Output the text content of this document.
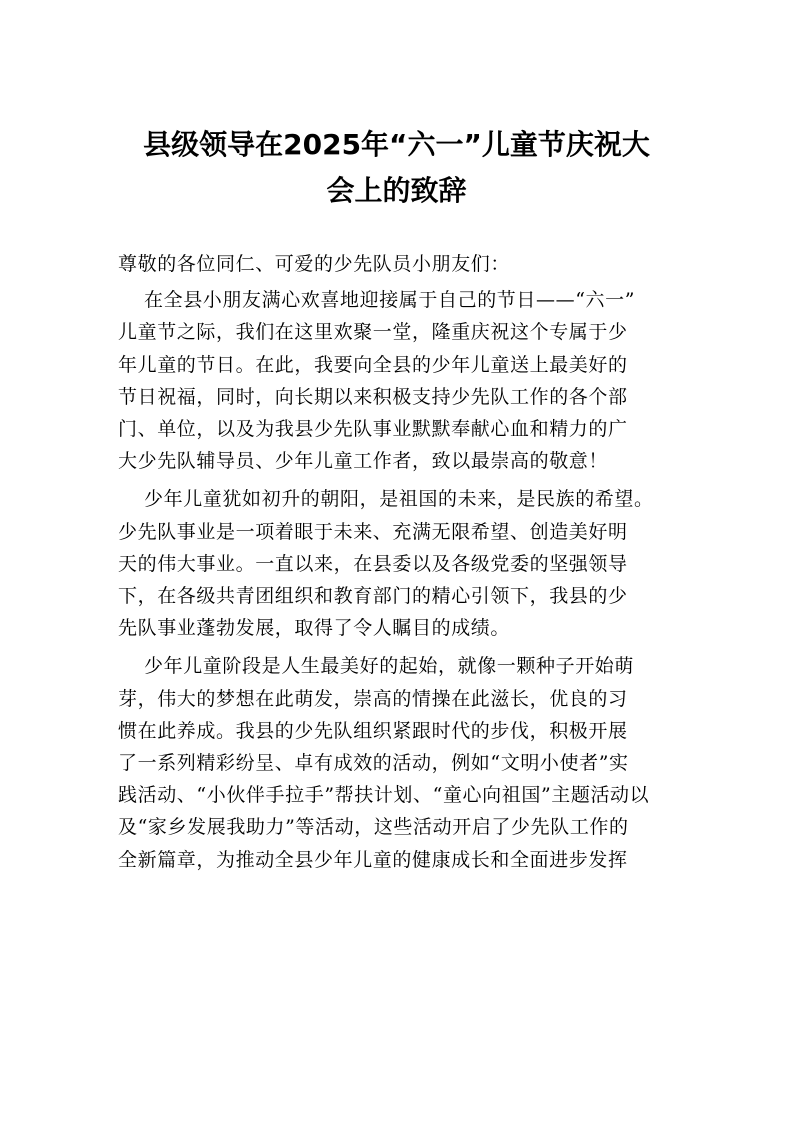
县级领导在2025年“六一”儿童节庆祝大
会上的致辞
尊敬的各位同仁、可爱的少先队员小朋友们：
在全县小朋友满心欢喜地迎接属于自己的节日——“六一”
儿童节之际，我们在这里欢聚一堂，隆重庆祝这个专属于少
年儿童的节日。在此，我要向全县的少年儿童送上最美好的
节日祝福，同时，向长期以来积极支持少先队工作的各个部
门、单位，以及为我县少先队事业默默奉献心血和精力的广
大少先队辅导员、少年儿童工作者，致以最崇高的敬意！
少年儿童犹如初升的朝阳，是祖国的未来，是民族的希望。
少先队事业是一项着眼于未来、充满无限希望、创造美好明
天的伟大事业。一直以来，在县委以及各级党委的坚强领导
下，在各级共青团组织和教育部门的精心引领下，我县的少
先队事业蓬勃发展，取得了令人瞩目的成绩。
少年儿童阶段是人生最美好的起始，就像一颗种子开始萌
芽，伟大的梦想在此萌发，崇高的情操在此滋长，优良的习
惯在此养成。我县的少先队组织紧跟时代的步伐，积极开展
了一系列精彩纷呈、卓有成效的活动，例如“文明小使者”实
践活动、“小伙伴手拉手”帮扶计划、“童心向祖国”主题活动以
及“家乡发展我助力”等活动，这些活动开启了少先队工作的
全新篇章，为推动全县少年儿童的健康成长和全面进步发挥
